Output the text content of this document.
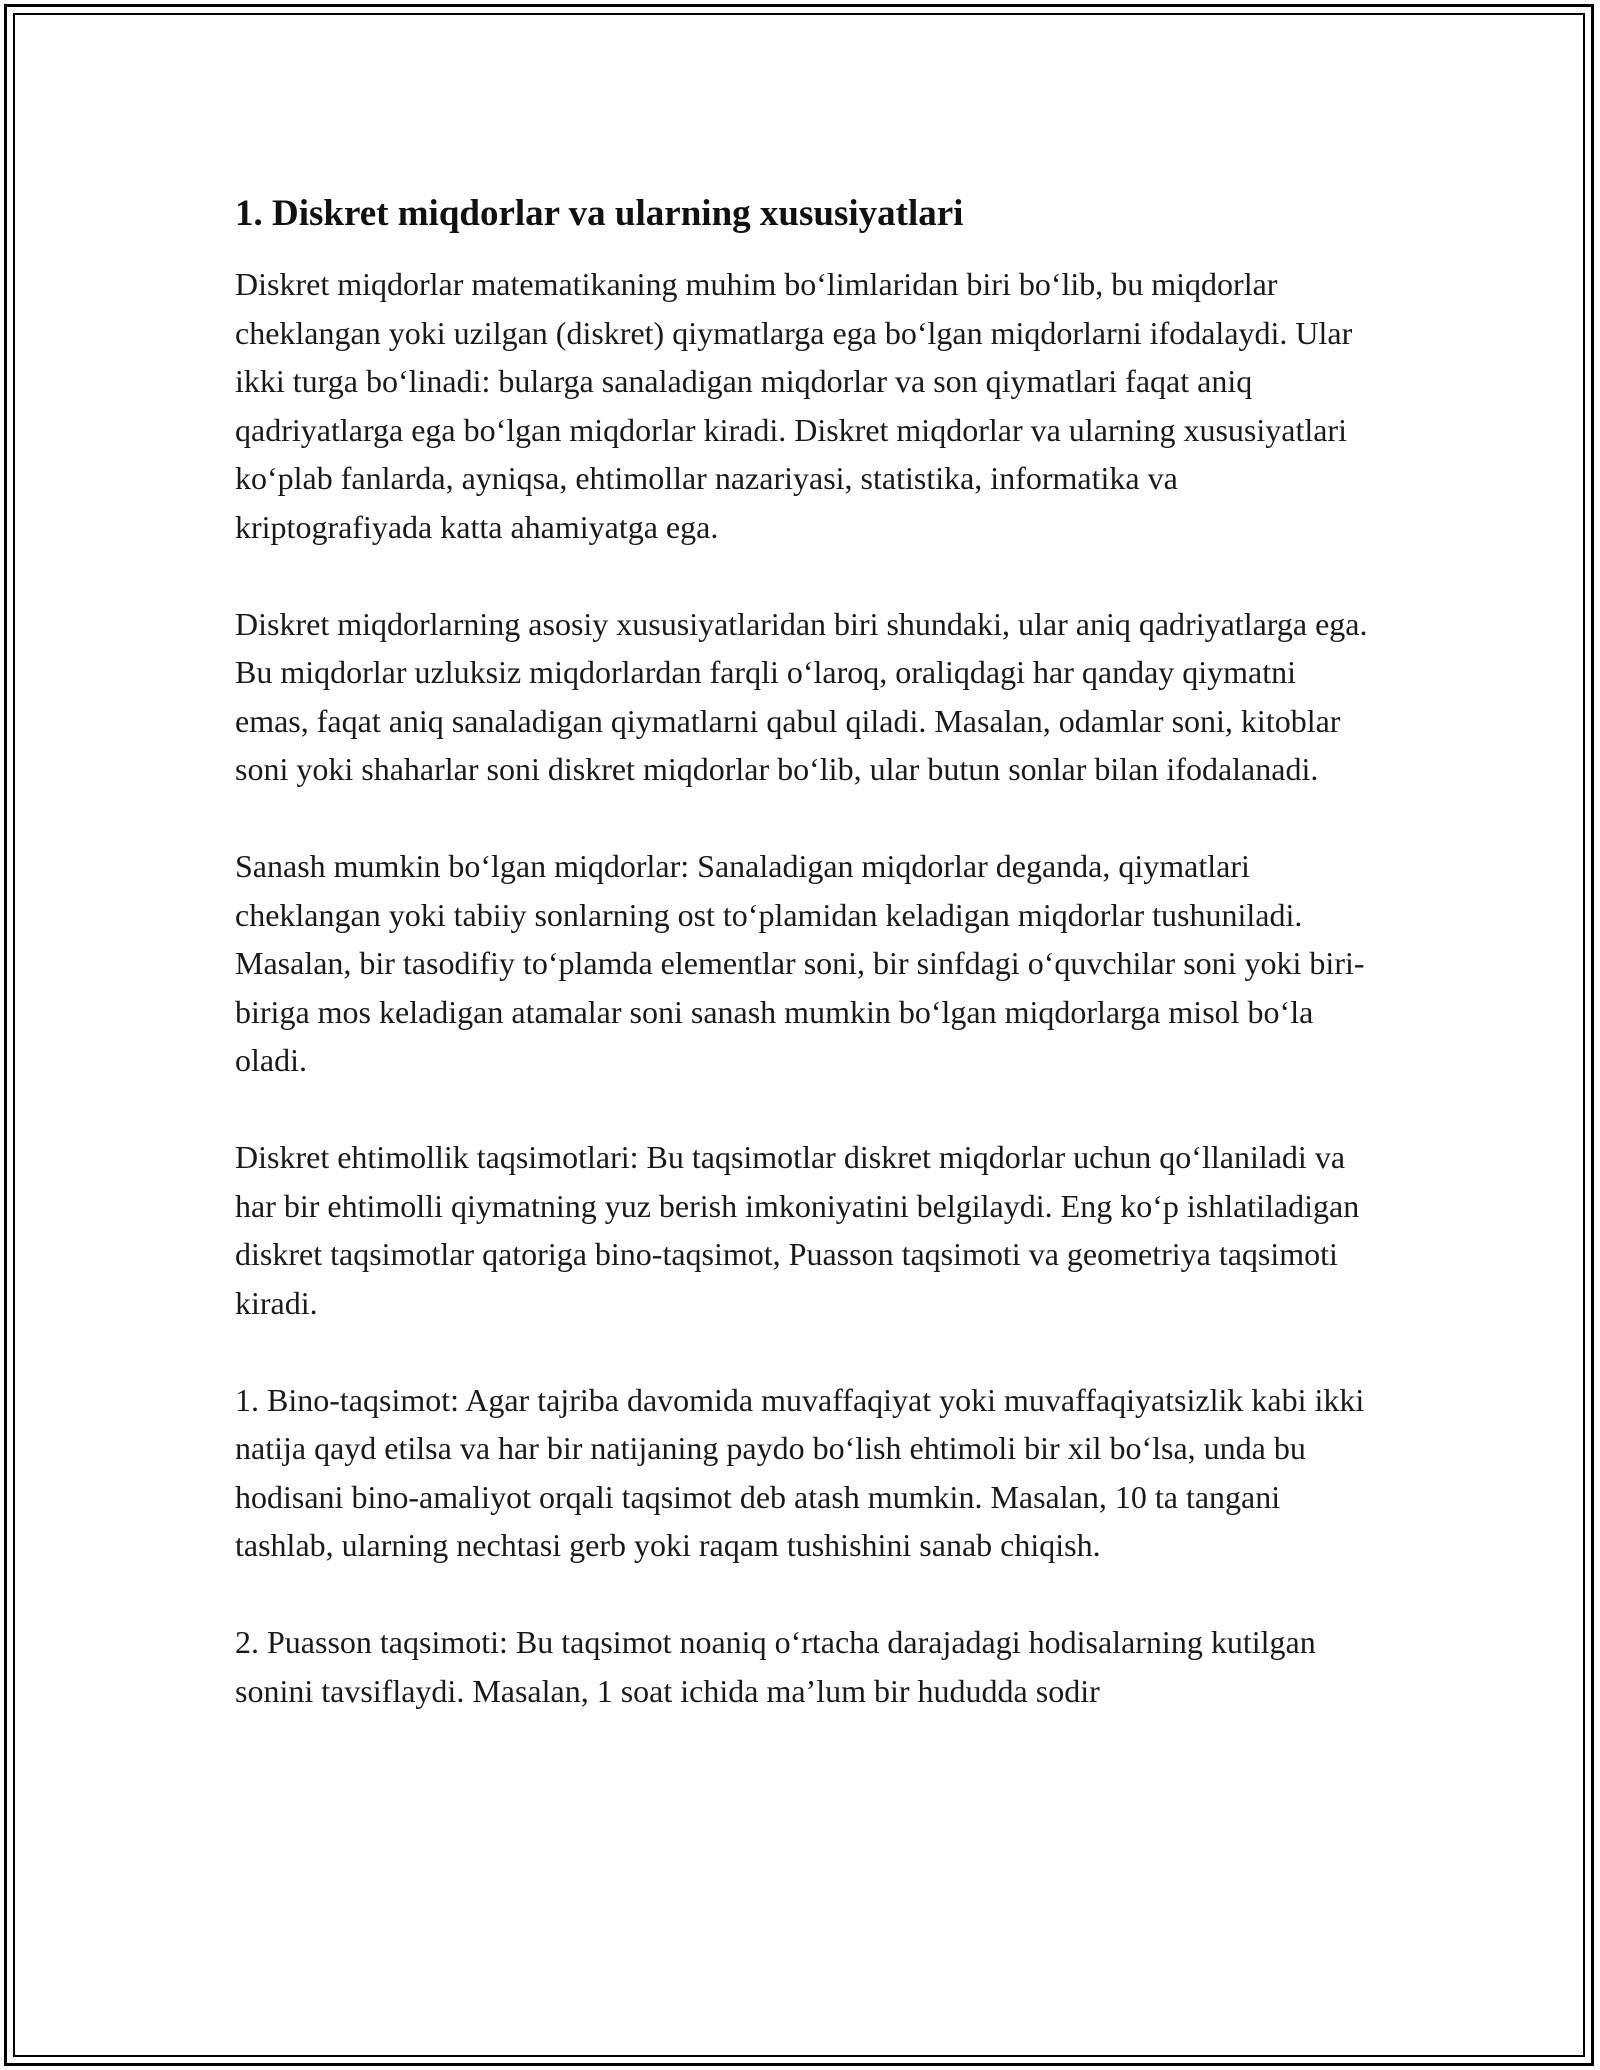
1. Diskret miqdorlar va ularning xususiyatlari

Diskret miqdorlar matematikaning muhim bo‘limlaridan biri bo‘lib, bu miqdorlar cheklangan yoki uzilgan (diskret) qiymatlarga ega bo‘lgan miqdorlarni ifodalaydi. Ular ikki turga bo‘linadi: bularga sanaladigan miqdorlar va son qiymatlari faqat aniq qadriyatlarga ega bo‘lgan miqdorlar kiradi. Diskret miqdorlar va ularning xususiyatlari ko‘plab fanlarda, ayniqsa, ehtimollar nazariyasi, statistika, informatika va kriptografiyada katta ahamiyatga ega.

Diskret miqdorlarning asosiy xususiyatlaridan biri shundaki, ular aniq qadriyatlarga ega. Bu miqdorlar uzluksiz miqdorlardan farqli o‘laroq, oraliqdagi har qanday qiymatni emas, faqat aniq sanaladigan qiymatlarni qabul qiladi. Masalan, odamlar soni, kitoblar soni yoki shaharlar soni diskret miqdorlar bo‘lib, ular butun sonlar bilan ifodalanadi.

Sanash mumkin bo‘lgan miqdorlar: Sanaladigan miqdorlar deganda, qiymatlari cheklangan yoki tabiiy sonlarning ost to‘plamidan keladigan miqdorlar tushuniladi. Masalan, bir tasodifiy to‘plamda elementlar soni, bir sinfdagi o‘quvchilar soni yoki biri-biriga mos keladigan atamalar soni sanash mumkin bo‘lgan miqdorlarga misol bo‘la oladi.

Diskret ehtimollik taqsimotlari: Bu taqsimotlar diskret miqdorlar uchun qo‘llaniladi va har bir ehtimolli qiymatning yuz berish imkoniyatini belgilaydi. Eng ko‘p ishlatiladigan diskret taqsimotlar qatoriga bino-taqsimot, Puasson taqsimoti va geometriya taqsimoti kiradi.

1. Bino-taqsimot: Agar tajriba davomida muvaffaqiyat yoki muvaffaqiyatsizlik kabi ikki natija qayd etilsa va har bir natijaning paydo bo‘lish ehtimoli bir xil bo‘lsa, unda bu hodisani bino-amaliyot orqali taqsimot deb atash mumkin. Masalan, 10 ta tangani tashlab, ularning nechtasi gerb yoki raqam tushishini sanab chiqish.

2. Puasson taqsimoti: Bu taqsimot noaniq o‘rtacha darajadagi hodisalarning kutilgan sonini tavsiflaydi. Masalan, 1 soat ichida ma’lum bir hududda sodir
